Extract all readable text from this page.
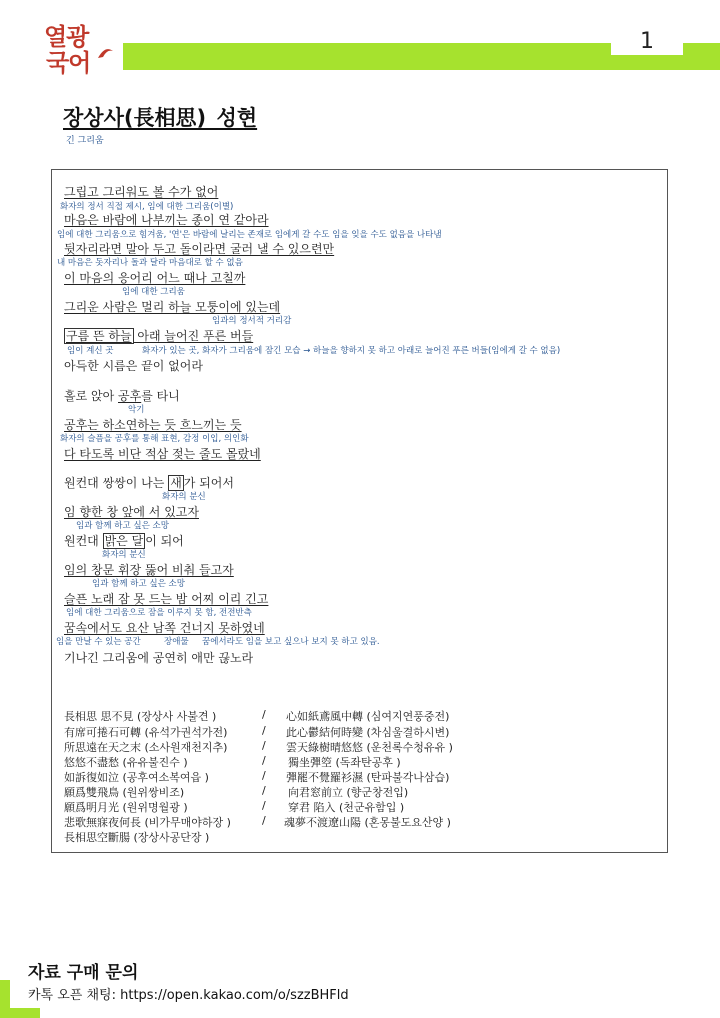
열광
국어
1
장상사(長相思)_성현
긴 그리움
그립고 그리워도 볼 수가 없어
화자의 정서 직접 제시, 임에 대한 그리움(이별)
마음은 바람에 나부끼는 종이 연 같아라
임에 대한 그리움으로 힘겨움, '연'은 바람에 날리는 존재로 임에게 갈 수도 임을 잊을 수도 없음을 나타냄
뒷자리라면 말아 두고 돌이라면 굴러 낼 수 있으련만
내 마음은 돗자리나 돌과 달라 마음대로 할 수 없음
이 마음의 응어리 어느 때나 고칠까
임에 대한 그리움
그리운 사람은 멀리 하늘 모퉁이에 있는데
임과의 정서적 거리감
구름 뜬 하늘 아래 늘어진 푸른 버들
임이 계신 곳	화자가 있는 곳, 화자가 그리움에 잠긴 모습 → 하늘을 향하지 못 하고 아래로 늘어진 푸른 버들(임에게 갈 수 없음)
아득한 시름은 끝이 없어라
홀로 앉아 공후를 타니
악기
공후는 하소연하는 듯 흐느끼는 듯
화자의 슬픔을 공후를 통해 표현, 감정 이입, 의인화
다 타도록 비단 적삼 젖는 줄도 몰랐네
원컨대 쌍쌍이 나는 새 가 되어서
화자의 분신
임 향한 창 앞에 서 있고자
임과 함께 하고 싶은 소망
원컨대 밝은 달 이 되어
화자의 분신
임의 창문 휘장 뚫어 비춰 들고자
임과 함께 하고 싶은 소망
슬픈 노래 잠 못 드는 밤 어찌 이리 긴고
임에 대한 그리움으로 잠을 이루지 못 함, 전전반측
꿈속에서도 요산 남쪽 건너지 못하였네
임을 만날 수 있는 공간	장애물 꿈에서라도 임을 보고 싶으나 보지 못 하고 있음.
기나긴 그리움에 공연히 애만 끊노라
長相思 思不見 (장상사 사불견 )	/ 心如紙鳶風中轉 (심여지연풍중전)
有席可捲石可轉 (유석가권석가전)	/ 此心鬱結何時變 (차심울결하시변)
所思遠在天之末 (소사원재천지추)	/ 雲天綠樹晴悠悠 (운천록수청유유 )
悠悠不盡愁 (유유불진수 )	/ 獨坐彈箜 (독좌탄공후 )
如訴復如泣 (공후여소복여읍 )	/ 彈罷不覺羅衫濕 (탄파불각나삼습)
願爲雙飛鳥 (원위쌍비조)	/ 向君窓前立 (향군창전입)
願爲明月光 (원위명월광 )	/ 穿君 陷入 (천군유함입 )
悲歌無寐夜何長 (비가무매야하장 )	/ 魂夢不渡遼山陽 (혼몽불도요산양 )
長相思空斷腸 (장상사공단장 )
자료 구매 문의
카톡 오픈 채팅: https://open.kakao.com/o/szzBHFld
